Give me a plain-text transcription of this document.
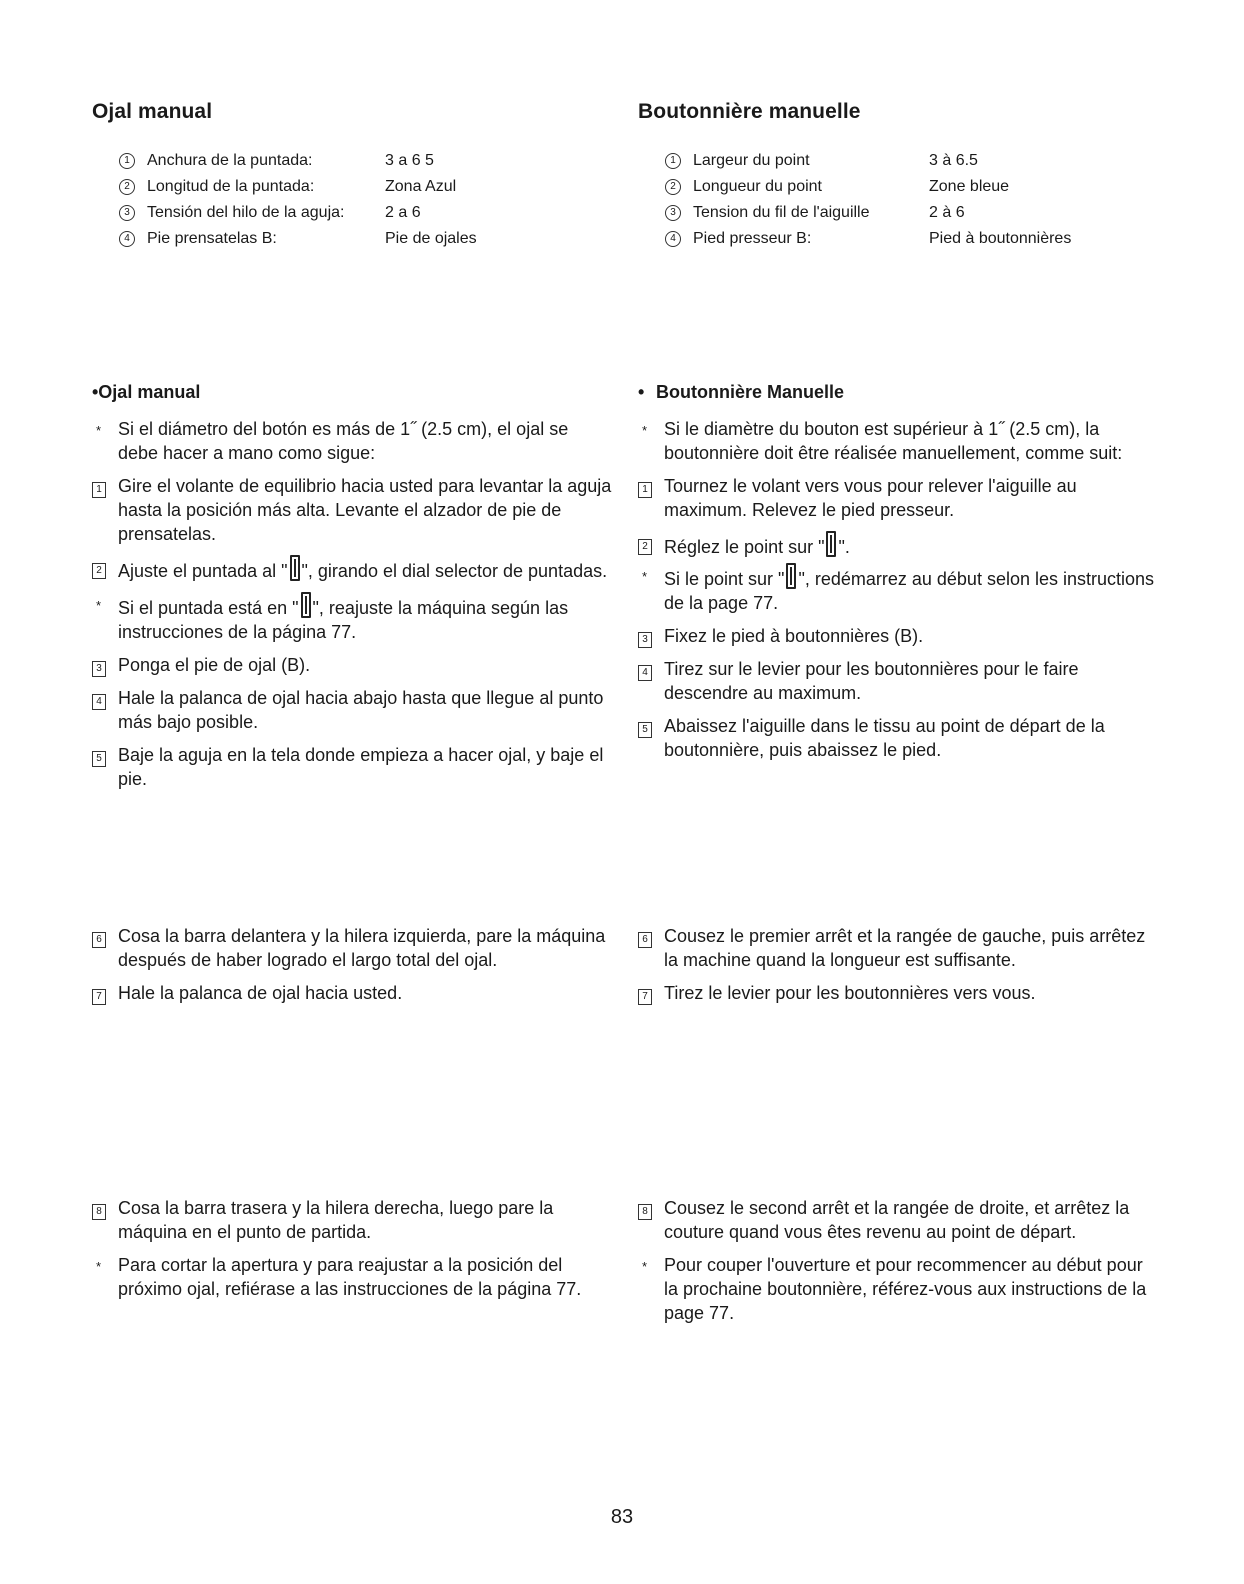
Ojal manual
1	Anchura de la puntada:	3 a 6 5
2	Longitud de la puntada:	Zona Azul
3	Tensión del hilo de la aguja:	2 a 6
4	Pie prensatelas B:	Pie de ojales
Boutonnière manuelle
1	Largeur du point	3 à 6.5
2	Longueur du point	Zone bleue
3	Tension du fil de l'aiguille	2 à 6
4	Pied presseur B:	Pied à boutonnières

•Ojal manual

* Si el diámetro del botón es más de 1˝ (2.5 cm), el ojal se debe hacer a mano como sigue:

1 Gire el volante de equilibrio hacia usted para levantar la aguja hasta la posición más alta. Levante el alzador de pie de prensatelas.

2 Ajuste el puntada al " ", girando el dial selector de puntadas.

* Si el puntada está en " ", reajuste la máquina según las instrucciones de la página 77.

3 Ponga el pie de ojal (B).

4 Hale la palanca de ojal hacia abajo hasta que llegue al punto más bajo posible.

5 Baje la aguja en la tela donde empieza a hacer ojal, y baje el pie.

• Boutonnière Manuelle

* Si le diamètre du bouton est supérieur à 1˝ (2.5 cm), la boutonnière doit être réalisée manuellement, comme suit:

1 Tournez le volant vers vous pour relever l'aiguille au maximum. Relevez le pied presseur.

2 Réglez le point sur " ".

* Si le point sur " ", redémarrez au début selon les instructions de la page 77.

3 Fixez le pied à boutonnières (B).

4 Tirez sur le levier pour les boutonnières pour le faire descendre au maximum.

5 Abaissez l'aiguille dans le tissu au point de départ de la boutonnière, puis abaissez le pied.

6 Cosa la barra delantera y la hilera izquierda, pare la máquina después de haber logrado el largo total del ojal.

7 Hale la palanca de ojal hacia usted.

6 Cousez le premier arrêt et la rangée de gauche, puis arrêtez la machine quand la longueur est suffisante.

7 Tirez le levier pour les boutonnières vers vous.

8 Cosa la barra trasera y la hilera derecha, luego pare la máquina en el punto de partida.

* Para cortar la apertura y para reajustar a la posición del próximo ojal, refiérase a las instrucciones de la página 77.

8 Cousez le second arrêt et la rangée de droite, et arrêtez la couture quand vous êtes revenu au point de départ.

* Pour couper l'ouverture et pour recommencer au début pour la prochaine boutonnière, référez-vous aux instructions de la page 77.

83
